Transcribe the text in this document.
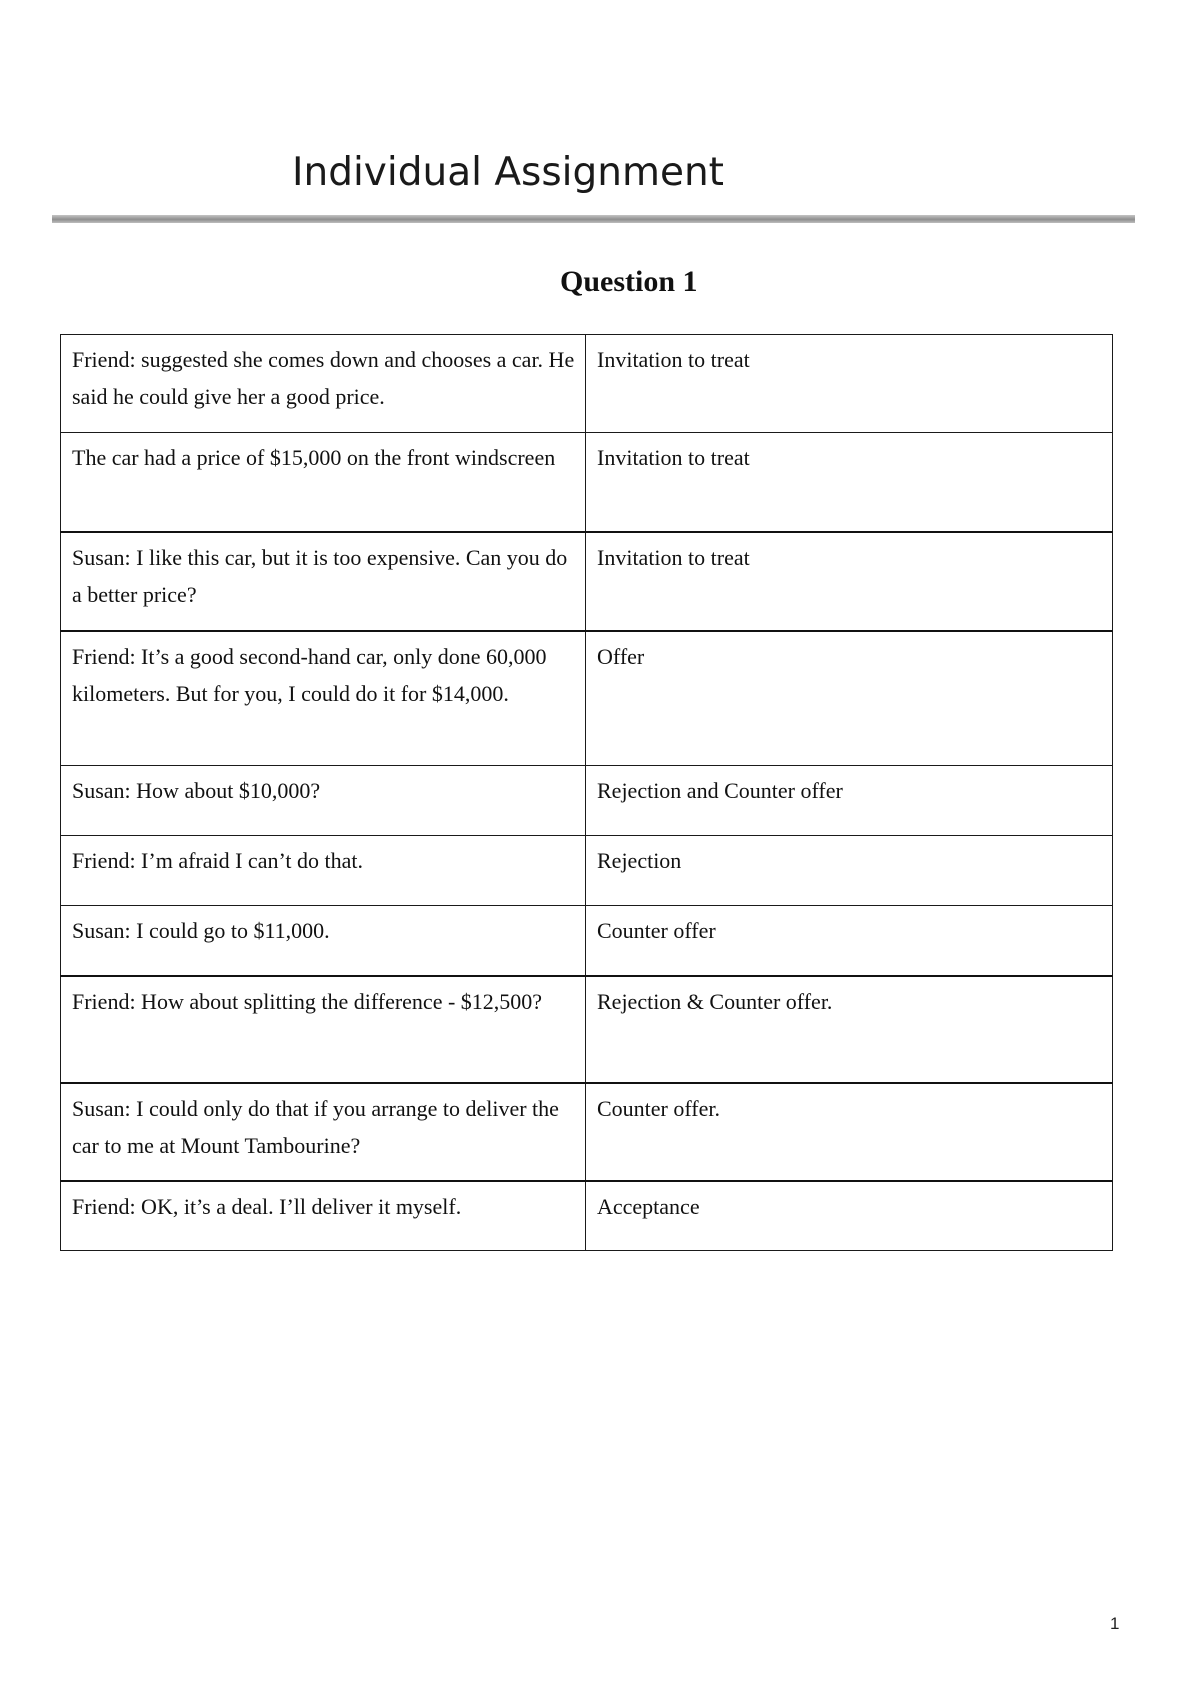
Individual Assignment
Question 1
Friend: suggested she comes down and chooses a car. He said he could give her a good price.	Invitation to treat
The car had a price of $15,000 on the front windscreen	Invitation to treat
Susan: I like this car, but it is too expensive. Can you do a better price?	Invitation to treat
Friend: It’s a good second-hand car, only done 60,000 kilometers. But for you, I could do it for $14,000.	Offer
Susan: How about $10,000?	Rejection and Counter offer
Friend: I’m afraid I can’t do that.	Rejection
Susan: I could go to $11,000.	Counter offer
Friend: How about splitting the difference - $12,500?	Rejection & Counter offer.
Susan: I could only do that if you arrange to deliver the car to me at Mount Tambourine?	Counter offer.
Friend: OK, it’s a deal. I’ll deliver it myself.	Acceptance
1
